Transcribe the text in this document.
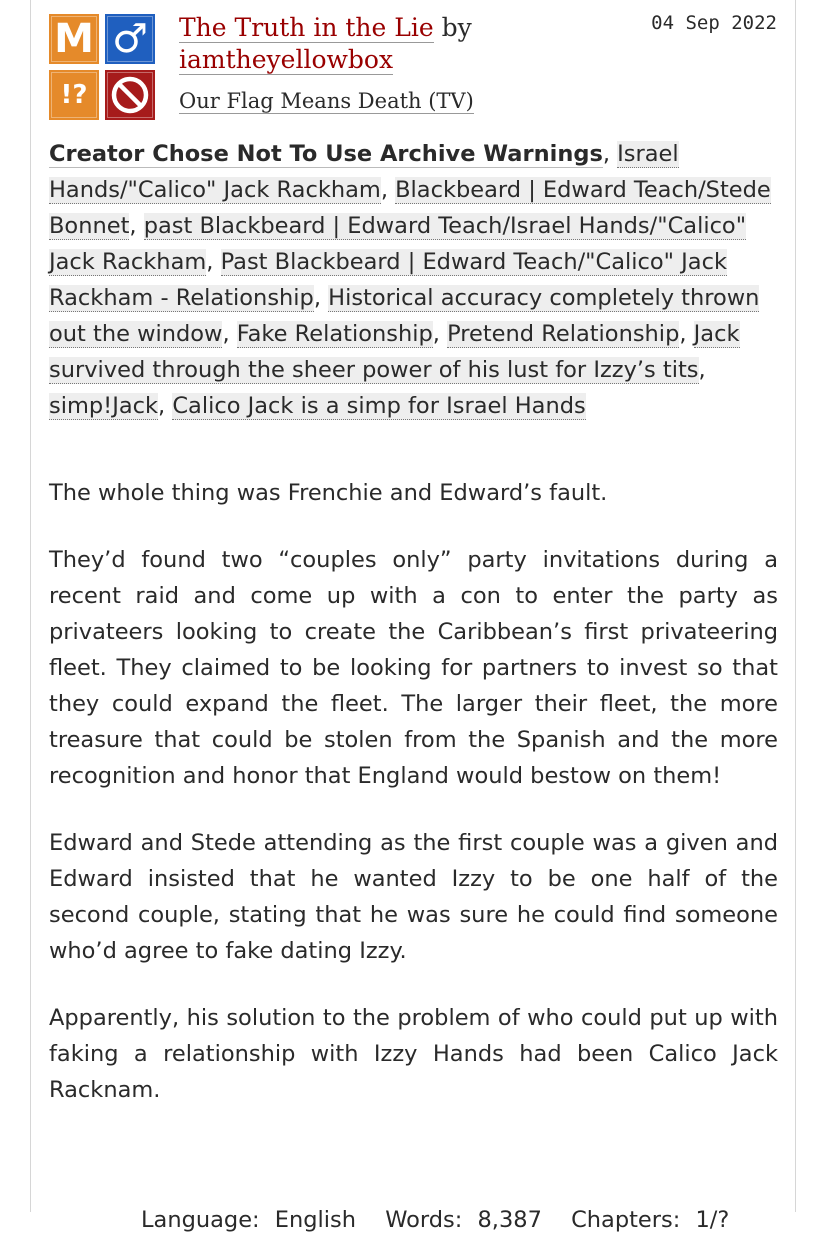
M ♂
!?
The Truth in the Lie by
iamtheyellowbox
Our Flag Means Death (TV)
04 Sep 2022
Creator Chose Not To Use Archive Warnings, Israel Hands/"Calico" Jack Rackham, Blackbeard | Edward Teach/Stede Bonnet, past Blackbeard | Edward Teach/Israel Hands/"Calico" Jack Rackham, Past Blackbeard | Edward Teach/"Calico" Jack Rackham - Relationship, Historical accuracy completely thrown out the window, Fake Relationship, Pretend Relationship, Jack survived through the sheer power of his lust for Izzy’s tits, simp!Jack, Calico Jack is a simp for Israel Hands

The whole thing was Frenchie and Edward’s fault.

They’d found two “couples only” party invitations during a recent raid and come up with a con to enter the party as privateers looking to create the Caribbean’s first privateering fleet. They claimed to be looking for partners to invest so that they could expand the fleet. The larger their fleet, the more treasure that could be stolen from the Spanish and the more recognition and honor that England would bestow on them!

Edward and Stede attending as the first couple was a given and Edward insisted that he wanted Izzy to be one half of the second couple, stating that he was sure he could find someone who’d agree to fake dating Izzy.

Apparently, his solution to the problem of who could put up with faking a relationship with Izzy Hands had been Calico Jack Racknam.

Language: English Words: 8,387 Chapters: 1/?
